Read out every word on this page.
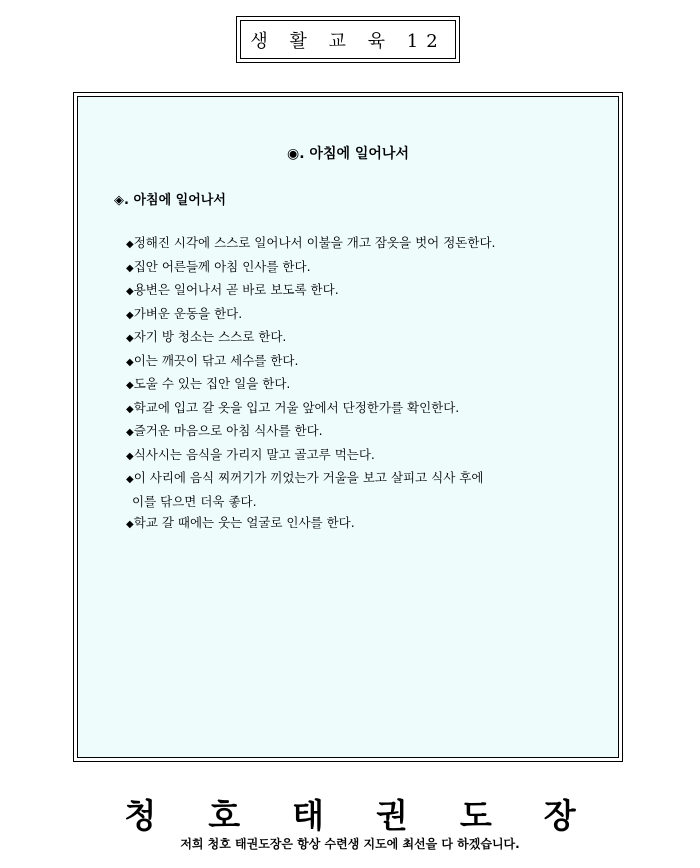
생 활 교 육 12
◉. 아침에 일어나서
◈. 아침에 일어나서
◆정해진 시각에 스스로 일어나서 이불을 개고 잠옷을 벗어 정돈한다.
◆집안 어른들께 아침 인사를 한다.
◆용변은 일어나서 곧 바로 보도록 한다.
◆가벼운 운동을 한다.
◆자기 방 청소는 스스로 한다.
◆이는 깨끗이 닦고 세수를 한다.
◆도울 수 있는 집안 일을 한다.
◆학교에 입고 갈 옷을 입고 거울 앞에서 단정한가를 확인한다.
◆즐거운 마음으로 아침 식사를 한다.
◆식사시는 음식을 가리지 말고 골고루 먹는다.
◆이 사리에 음식 찌꺼기가 끼었는가 거울을 보고 살피고 식사 후에
이를 닦으면 더욱 좋다.
◆학교 갈 때에는 웃는 얼굴로 인사를 한다.
청호태권도장
저희 청호 태권도장은 항상 수련생 지도에 최선을 다 하겠습니다.
